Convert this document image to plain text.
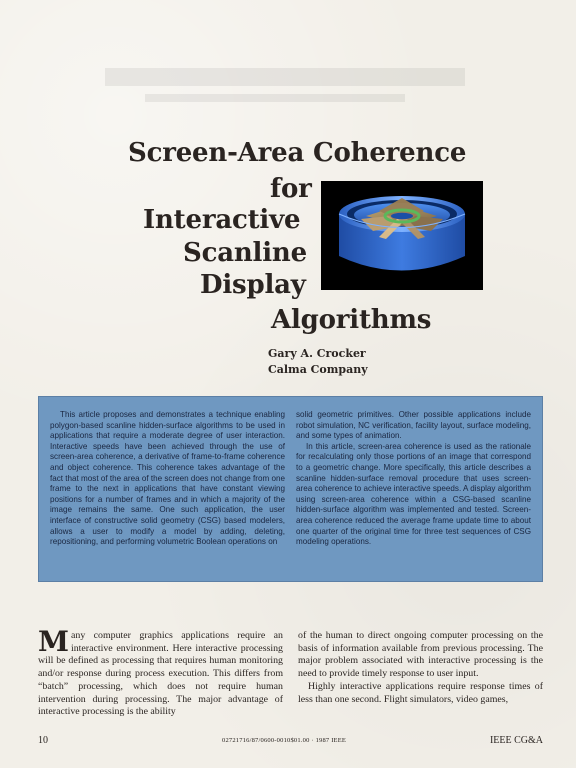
Screen-Area Coherence
for
Interactive
Scanline
Display
Algorithms
Gary A. Crocker
Calma Company

This article proposes and demonstrates a technique enabling polygon-based scanline hidden-surface algorithms to be used in applications that require a moderate degree of user interaction. Interactive speeds have been achieved through the use of screen-area coherence, a derivative of frame-to-frame coherence and object coherence. This coherence takes advantage of the fact that most of the area of the screen does not change from one frame to the next in applications that have constant viewing positions for a number of frames and in which a majority of the image remains the same. One such application, the user interface of constructive solid geometry (CSG) based modelers, allows a user to modify a model by adding, deleting, repositioning, and performing volumetric Boolean operations on

solid geometric primitives. Other possible applications include robot simulation, NC verification, facility layout, surface modeling, and some types of animation.

In this article, screen-area coherence is used as the rationale for recalculating only those portions of an image that correspond to a geometric change. More specifically, this article describes a scanline hidden-surface removal procedure that uses screen-area coherence to achieve interactive speeds. A display algorithm using screen-area coherence within a CSG-based scanline hidden-surface algorithm was implemented and tested. Screen-area coherence reduced the average frame update time to about one quarter of the original time for three test sequences of CSG modeling operations.

Many computer graphics applications require an interactive environment. Here interactive processing will be defined as processing that requires human monitoring and/or response during process execution. This differs from “batch” processing, which does not require human intervention during processing. The major advantage of interactive processing is the ability

of the human to direct ongoing computer processing on the basis of information available from previous processing. The major problem associated with interactive processing is the need to provide timely response to user input.

Highly interactive applications require response times of less than one second. Flight simulators, video games,

10	02721716/87/0600-0010$01.00 · 1987 IEEE	IEEE CG&A
